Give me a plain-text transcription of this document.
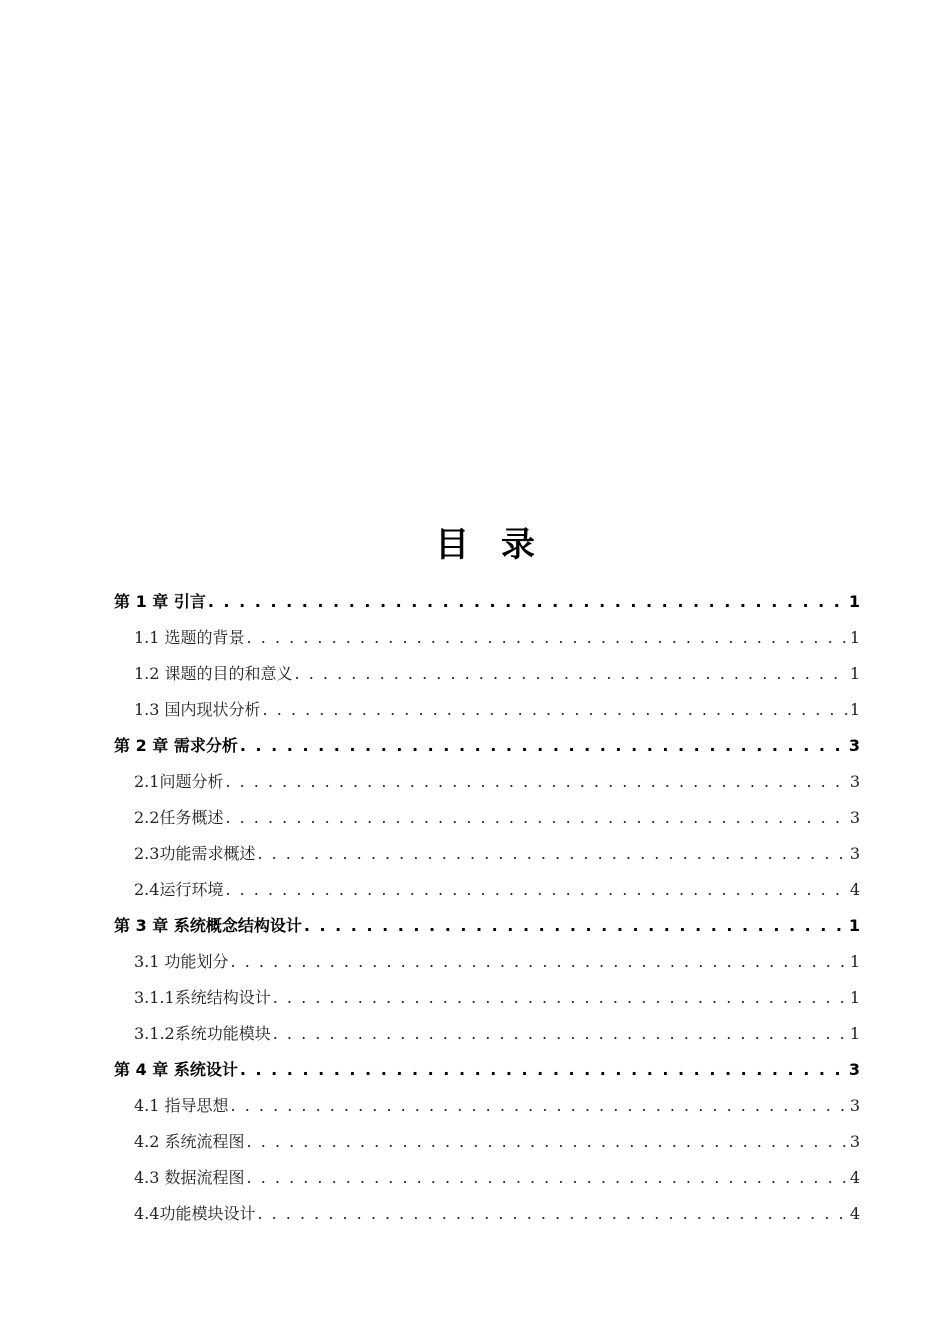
目 录
第 1 章 引言 . . .	1
1.1 选题的背景 . . .	1
1.2 课题的目的和意义 . . .	1
1.3 国内现状分析 . . .	1
第 2 章 需求分析 . . .	3
2.1问题分析 . . .	3
2.2任务概述 . . .	3
2.3功能需求概述 . . .	3
2.4运行环境 . . .	4
第 3 章 系统概念结构设计 . . .	1
3.1 功能划分 . . .	1
3.1.1系统结构设计 . . .	1
3.1.2系统功能模块 . . .	1
第 4 章 系统设计 . . .	3
4.1 指导思想 . . .	3
4.2 系统流程图 . . .	3
4.3 数据流程图 . . .	4
4.4功能模块设计 . . .	4
